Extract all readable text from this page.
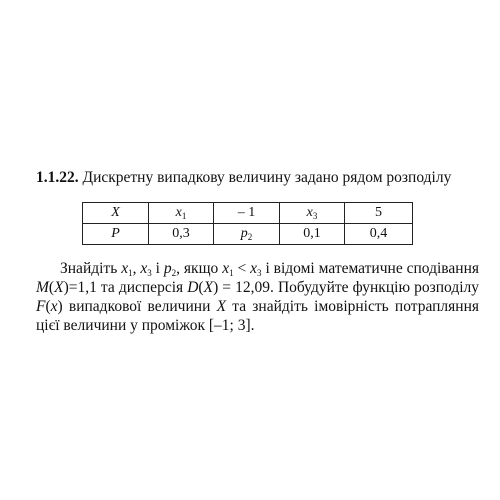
1.1.22. Дискретну випадкову величину задано рядом розподілу
X	$x_1$	– 1	$x_3$	5
P	0,3	$p_2$	0,1	0,4
Знайдіть $x_1$, $x_3$ і $p_2$, якщо $x_1 < x_3$ і відомі математичне сподівання M(X)=1,1 та дисперсія D(X) = 12,09. Побудуйте функцію розподілу F(x) випадкової величини X та знайдіть імовірність потрапляння цієї величини у проміжок [–1; 3].
